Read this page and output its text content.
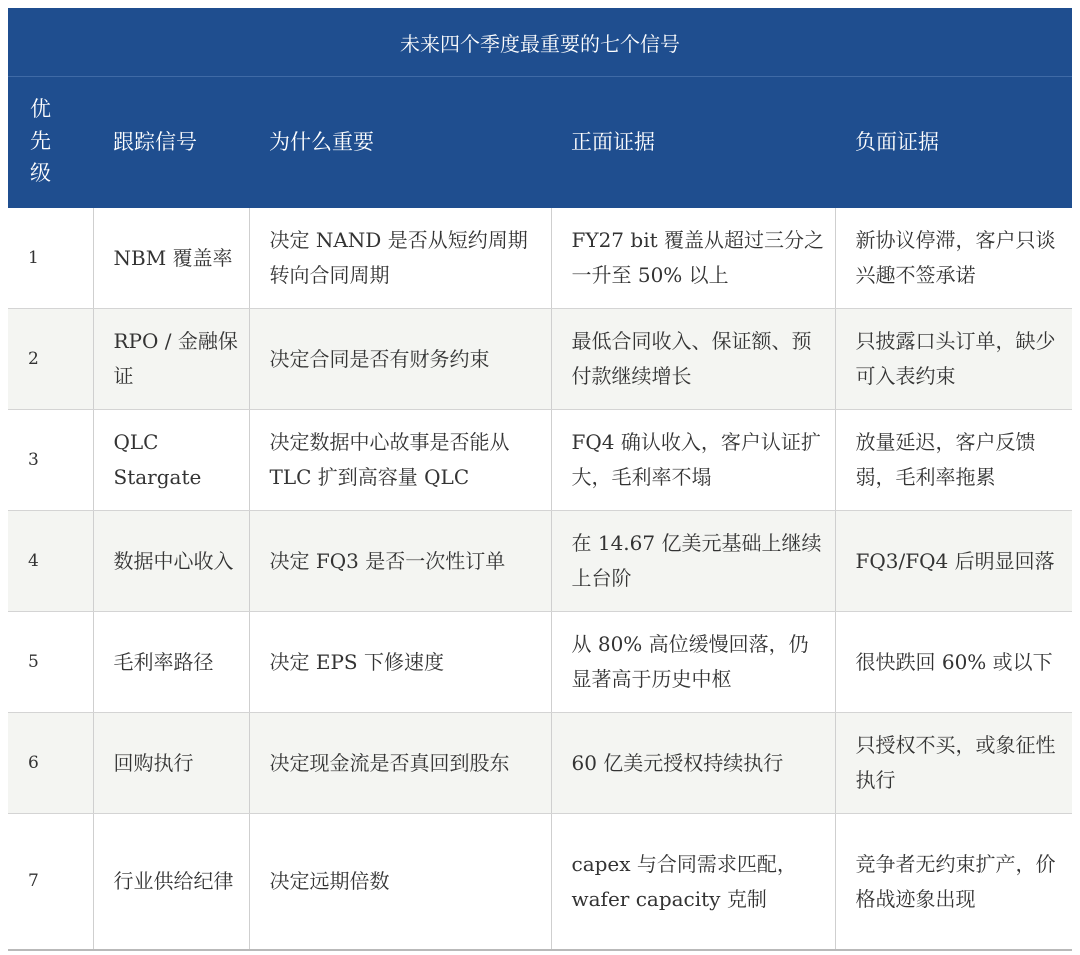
未来四个季度最重要的七个信号				

优先级	跟踪信号	为什么重要	正面证据	负面证据
1	NBM 覆盖率	决定 NAND 是否从短约周期转向合同周期	FY27 bit 覆盖从超过三分之一升至 50% 以上	新协议停滞，客户只谈兴趣不签承诺
2	RPO / 金融保证	决定合同是否有财务约束	最低合同收入、保证额、预付款继续增长	只披露口头订单，缺少可入表约束
3	QLC Stargate	决定数据中心故事是否能从 TLC 扩到高容量 QLC	FQ4 确认收入，客户认证扩大，毛利率不塌	放量延迟，客户反馈弱，毛利率拖累
4	数据中心收入	决定 FQ3 是否一次性订单	在 14.67 亿美元基础上继续上台阶	FQ3/FQ4 后明显回落
5	毛利率路径	决定 EPS 下修速度	从 80% 高位缓慢回落，仍显著高于历史中枢	很快跌回 60% 或以下
6	回购执行	决定现金流是否真回到股东	60 亿美元授权持续执行	只授权不买，或象征性执行
7	行业供给纪律	决定远期倍数	capex 与合同需求匹配，wafer capacity 克制	竞争者无约束扩产，价格战迹象出现
